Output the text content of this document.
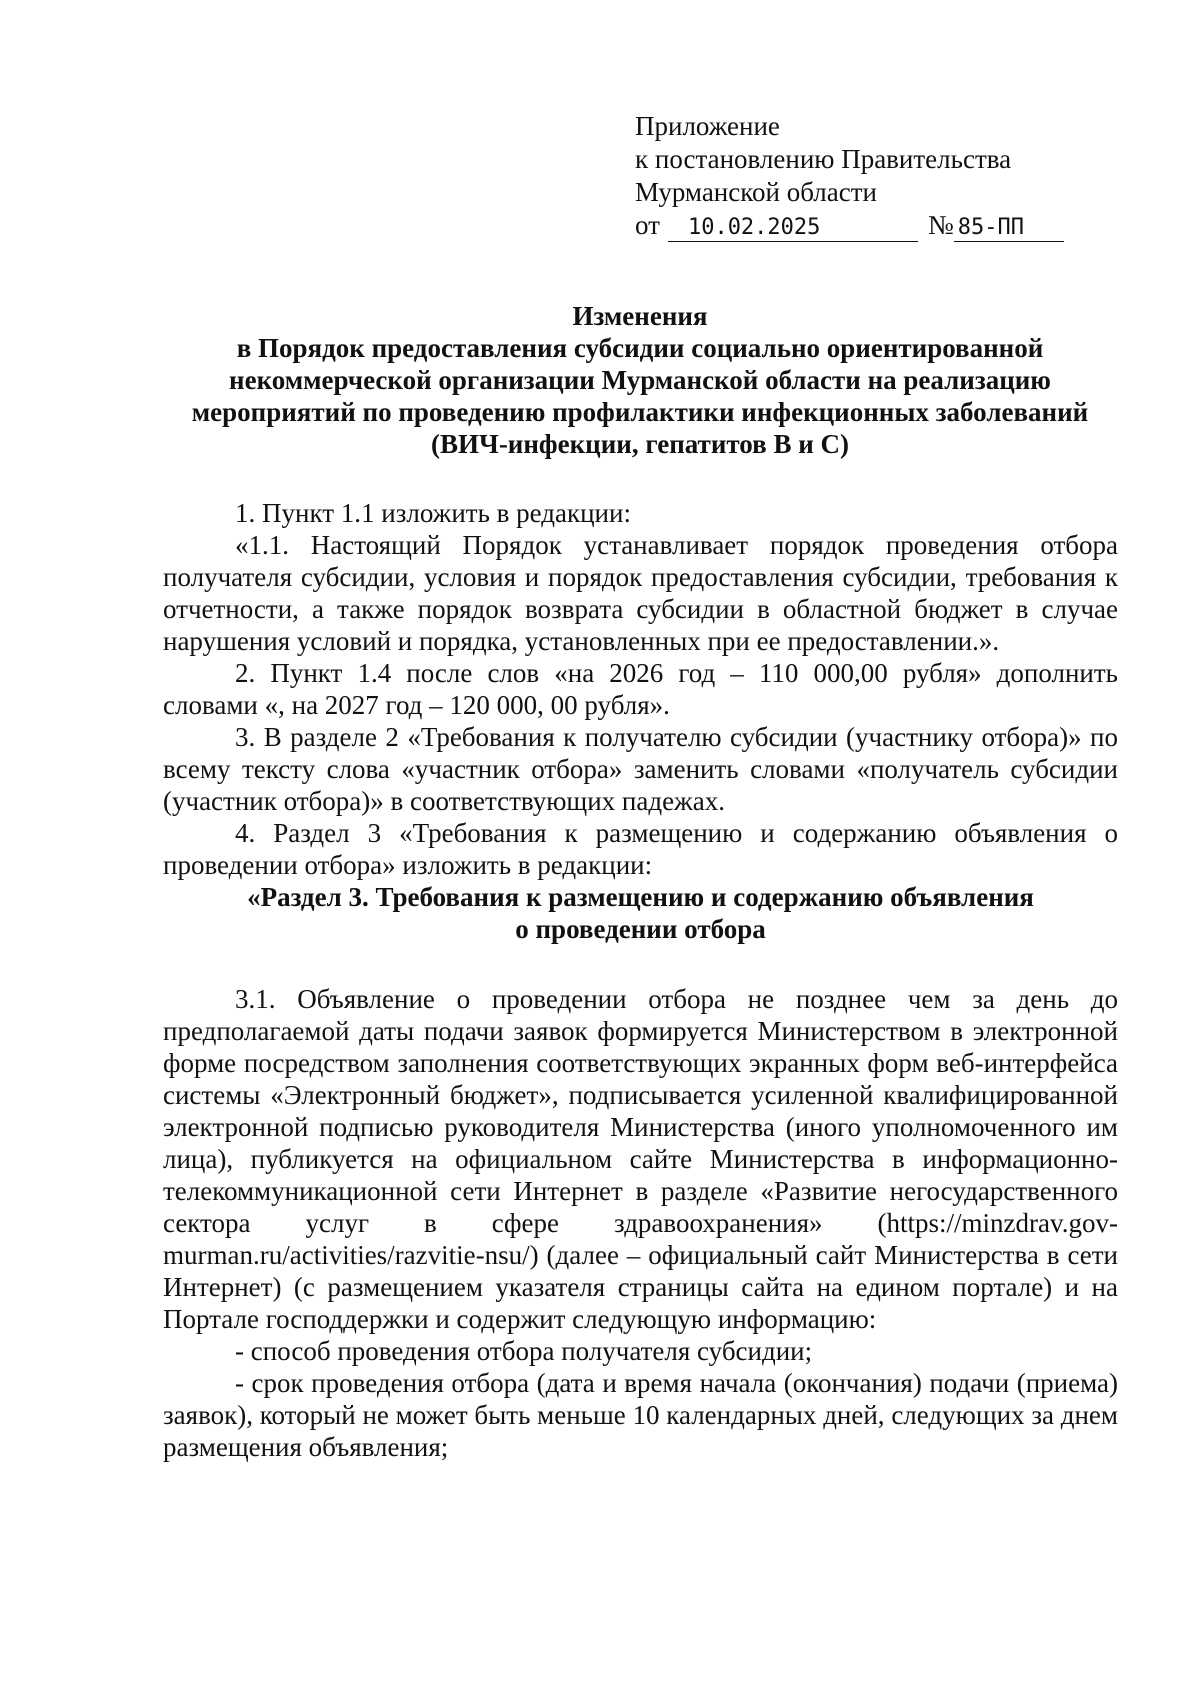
Приложение
к постановлению Правительства
Мурманской области
от	10.02.2025	№ 85-ПП
Изменения
в Порядок предоставления субсидии социально ориентированной
некоммерческой организации Мурманской области на реализацию
мероприятий по проведению профилактики инфекционных заболеваний
(ВИЧ-инфекции, гепатитов В и С)

1. Пункт 1.1 изложить в редакции:

«1.1. Настоящий Порядок устанавливает порядок проведения отбора получателя субсидии, условия и порядок предоставления субсидии, требования к отчетности, а также порядок возврата субсидии в областной бюджет в случае нарушения условий и порядка, установленных при ее предоставлении.».

2. Пункт 1.4 после слов «на 2026 год – 110 000,00 рубля» дополнить словами «, на 2027 год – 120 000, 00 рубля».

3. В разделе 2 «Требования к получателю субсидии (участнику отбора)» по всему тексту слова «участник отбора» заменить словами «получатель субсидии (участник отбора)» в соответствующих падежах.

4. Раздел 3 «Требования к размещению и содержанию объявления о проведении отбора» изложить в редакции:

«Раздел 3. Требования к размещению и содержанию объявления
о проведении отбора

3.1. Объявление о проведении отбора не позднее чем за день до предполагаемой даты подачи заявок формируется Министерством в электронной форме посредством заполнения соответствующих экранных форм веб-интерфейса системы «Электронный бюджет», подписывается усиленной квалифицированной электронной подписью руководителя Министерства (иного уполномоченного им лица), публикуется на официальном сайте Министерства в информационно-телекоммуникационной сети Интернет в разделе «Развитие негосударственного сектора услуг в сфере здравоохранения» (https://minzdrav.gov-murman.ru/activities/razvitie-nsu/) (далее – официальный сайт Министерства в сети Интернет) (с размещением указателя страницы сайта на едином портале) и на Портале господдержки и содержит следующую информацию:

- способ проведения отбора получателя субсидии;

- срок проведения отбора (дата и время начала (окончания) подачи (приема) заявок), который не может быть меньше 10 календарных дней, следующих за днем размещения объявления;
